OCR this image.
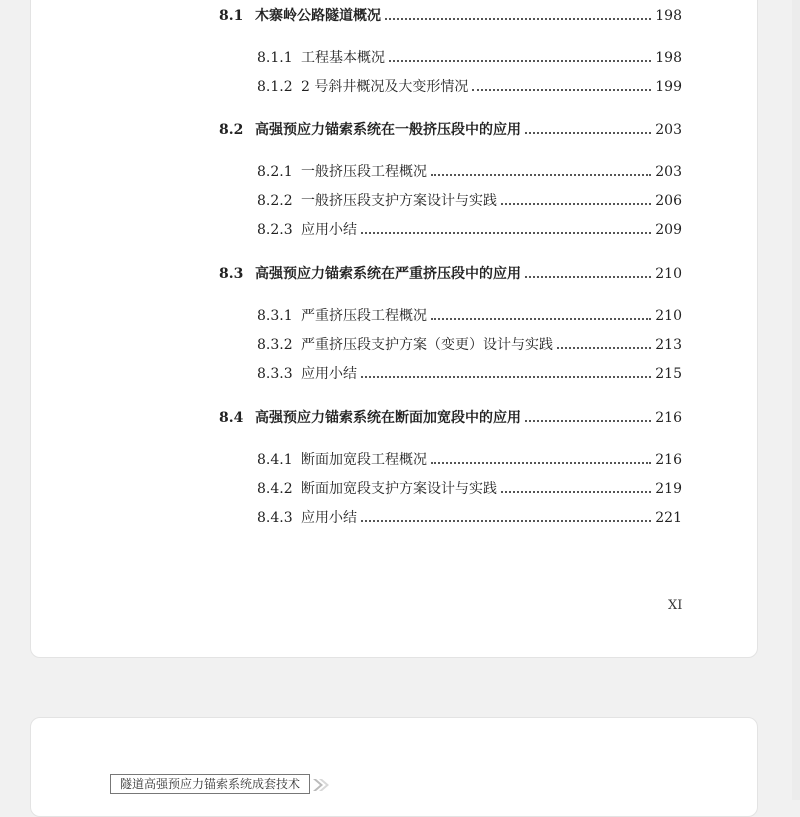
8.1 木寨岭公路隧道概况	198
8.1.1 工程基本概况	198
8.1.2 2 号斜井概况及大变形情况	199
8.2 高强预应力锚索系统在一般挤压段中的应用	203
8.2.1 一般挤压段工程概况	203
8.2.2 一般挤压段支护方案设计与实践	206
8.2.3 应用小结	209
8.3 高强预应力锚索系统在严重挤压段中的应用	210
8.3.1 严重挤压段工程概况	210
8.3.2 严重挤压段支护方案（变更）设计与实践	213
8.3.3 应用小结	215
8.4 高强预应力锚索系统在断面加宽段中的应用	216
8.4.1 断面加宽段工程概况	216
8.4.2 断面加宽段支护方案设计与实践	219
8.4.3 应用小结	221
XI
隧道高强预应力锚索系统成套技术
